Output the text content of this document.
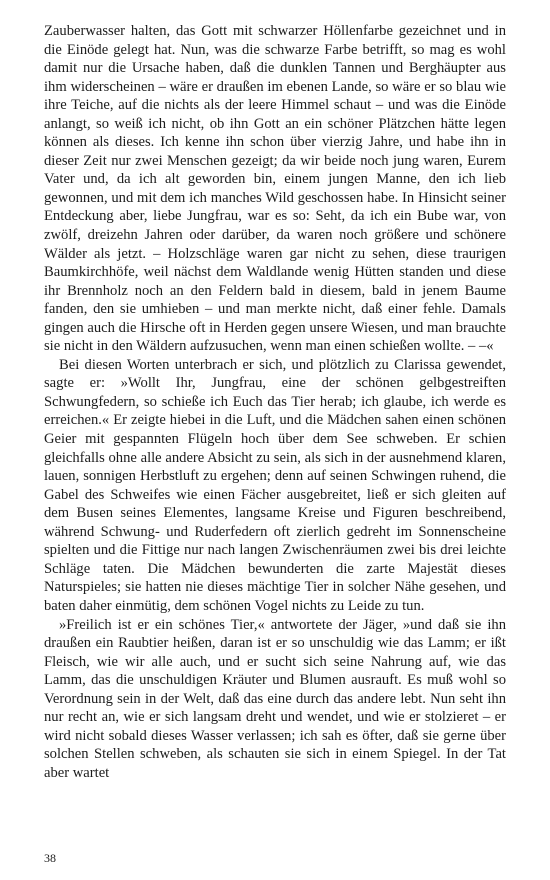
Zauberwasser halten, das Gott mit schwarzer Höllenfarbe gezeichnet und in die Einöde gelegt hat. Nun, was die schwarze Farbe betrifft, so mag es wohl damit nur die Ursache haben, daß die dunklen Tannen und Berghäupter aus ihm widerscheinen – wäre er draußen im ebenen Lande, so wäre er so blau wie ihre Teiche, auf die nichts als der leere Himmel schaut – und was die Einöde anlangt, so weiß ich nicht, ob ihn Gott an ein schöner Plätzchen hätte legen können als dieses. Ich kenne ihn schon über vierzig Jahre, und habe ihn in dieser Zeit nur zwei Menschen gezeigt; da wir beide noch jung waren, Eurem Vater und, da ich alt geworden bin, einem jungen Manne, den ich lieb gewonnen, und mit dem ich manches Wild geschossen habe. In Hinsicht seiner Entdeckung aber, liebe Jungfrau, war es so: Seht, da ich ein Bube war, von zwölf, dreizehn Jahren oder darüber, da waren noch größere und schönere Wälder als jetzt. – Holzschläge waren gar nicht zu sehen, diese traurigen Baumkirchhöfe, weil nächst dem Waldlande wenig Hütten standen und diese ihr Brennholz noch an den Feldern bald in diesem, bald in jenem Baume fanden, den sie umhieben – und man merkte nicht, daß einer fehle. Damals gingen auch die Hirsche oft in Herden gegen unsere Wiesen, und man brauchte sie nicht in den Wäldern aufzusuchen, wenn man einen schießen wollte. – –«

Bei diesen Worten unterbrach er sich, und plötzlich zu Clarissa gewendet, sagte er: »Wollt Ihr, Jungfrau, eine der schönen gelbgestreiften Schwungfedern, so schieße ich Euch das Tier herab; ich glaube, ich werde es erreichen.« Er zeigte hiebei in die Luft, und die Mädchen sahen einen schönen Geier mit gespannten Flügeln hoch über dem See schweben. Er schien gleichfalls ohne alle andere Absicht zu sein, als sich in der ausnehmend klaren, lauen, sonnigen Herbstluft zu ergehen; denn auf seinen Schwingen ruhend, die Gabel des Schweifes wie einen Fächer ausgebreitet, ließ er sich gleiten auf dem Busen seines Elementes, langsame Kreise und Figuren beschreibend, während Schwung- und Ruderfedern oft zierlich gedreht im Sonnenscheine spielten und die Fittige nur nach langen Zwischenräumen zwei bis drei leichte Schläge taten. Die Mädchen bewunderten die zarte Majestät dieses Naturspieles; sie hatten nie dieses mächtige Tier in solcher Nähe gesehen, und baten daher einmütig, dem schönen Vogel nichts zu Leide zu tun.

»Freilich ist er ein schönes Tier,« antwortete der Jäger, »und daß sie ihn draußen ein Raubtier heißen, daran ist er so unschuldig wie das Lamm; er ißt Fleisch, wie wir alle auch, und er sucht sich seine Nahrung auf, wie das Lamm, das die unschuldigen Kräuter und Blumen ausrauft. Es muß wohl so Verordnung sein in der Welt, daß das eine durch das andere lebt. Nun seht ihn nur recht an, wie er sich langsam dreht und wendet, und wie er stolzieret – er wird nicht sobald dieses Wasser verlassen; ich sah es öfter, daß sie gerne über solchen Stellen schweben, als schauten sie sich in einem Spiegel. In der Tat aber wartet

38
